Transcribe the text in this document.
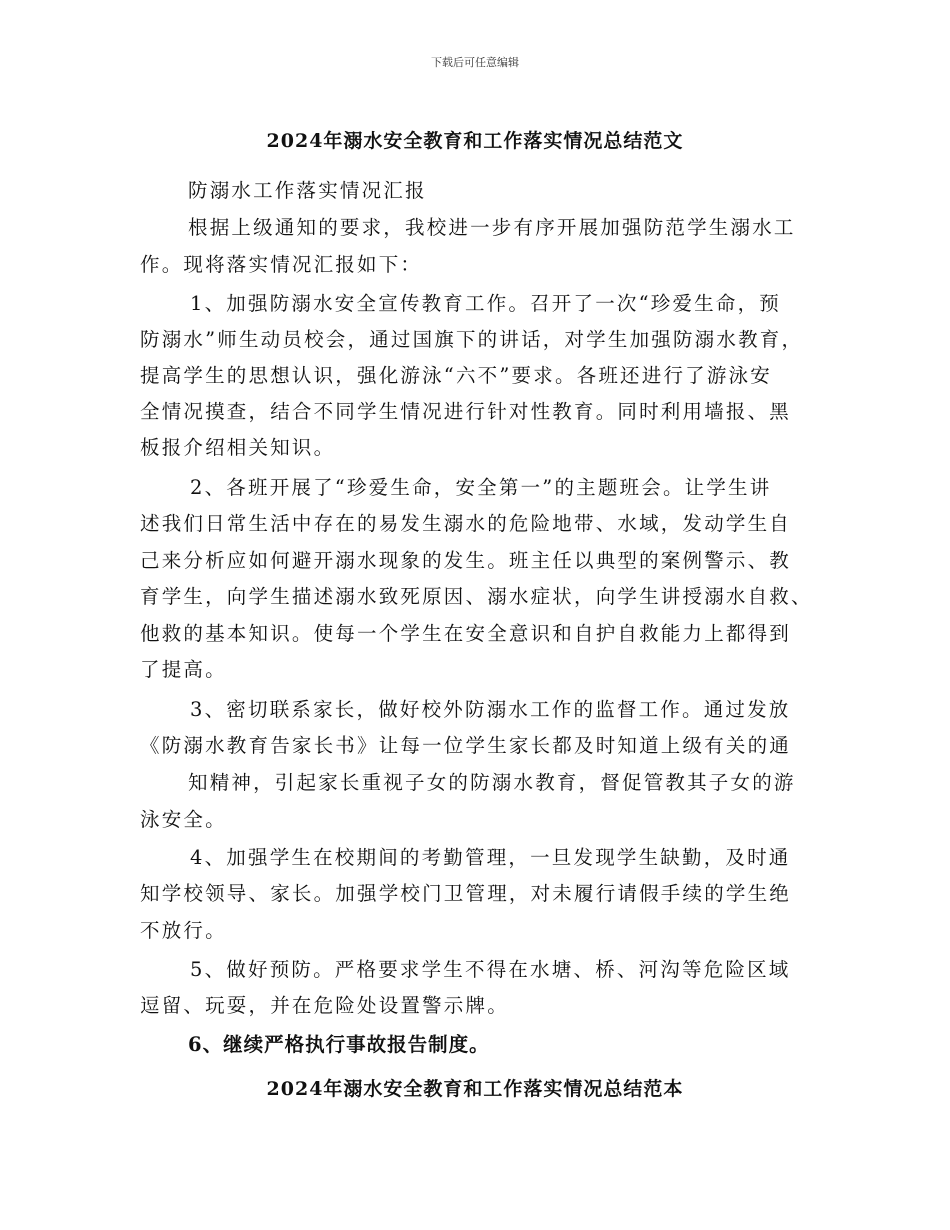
下载后可任意编辑
2024年溺水安全教育和工作落实情况总结范文
防溺水工作落实情况汇报
根据上级通知的要求，我校进一步有序开展加强防范学生溺水工
作。现将落实情况汇报如下：
1、加强防溺水安全宣传教育工作。召开了一次“珍爱生命，预
防溺水”师生动员校会，通过国旗下的讲话，对学生加强防溺水教育，
提高学生的思想认识，强化游泳“六不”要求。各班还进行了游泳安
全情况摸查，结合不同学生情况进行针对性教育。同时利用墙报、黑
板报介绍相关知识。
2、各班开展了“珍爱生命，安全第一”的主题班会。让学生讲
述我们日常生活中存在的易发生溺水的危险地带、水域，发动学生自
己来分析应如何避开溺水现象的发生。班主任以典型的案例警示、教
育学生，向学生描述溺水致死原因、溺水症状，向学生讲授溺水自救、
他救的基本知识。使每一个学生在安全意识和自护自救能力上都得到
了提高。
3、密切联系家长，做好校外防溺水工作的监督工作。通过发放
《防溺水教育告家长书》让每一位学生家长都及时知道上级有关的通
知精神，引起家长重视子女的防溺水教育，督促管教其子女的游
泳安全。
4、加强学生在校期间的考勤管理，一旦发现学生缺勤，及时通
知学校领导、家长。加强学校门卫管理，对未履行请假手续的学生绝
不放行。
5、做好预防。严格要求学生不得在水塘、桥、河沟等危险区域
逗留、玩耍，并在危险处设置警示牌。
6、继续严格执行事故报告制度。
2024年溺水安全教育和工作落实情况总结范本
